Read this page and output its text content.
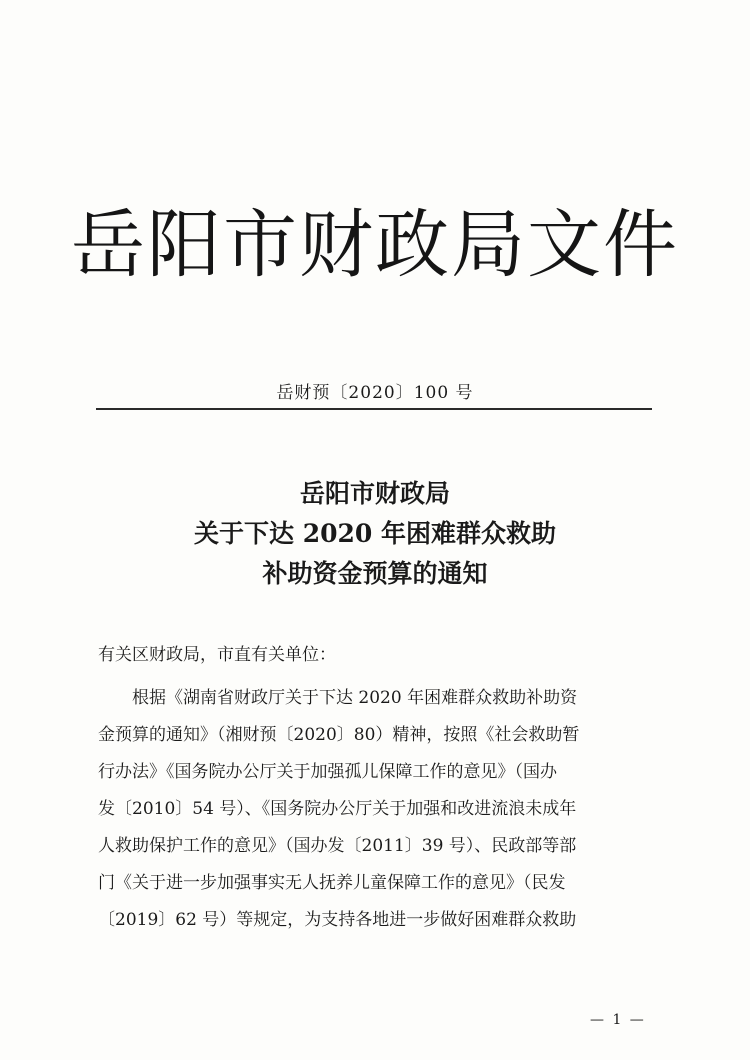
岳阳市财政局文件
岳财预〔2020〕100 号
岳阳市财政局
关于下达 2020 年困难群众救助
补助资金预算的通知
有关区财政局，市直有关单位：
　　根据《湖南省财政厅关于下达 2020 年困难群众救助补助资
金预算的通知》（湘财预〔2020〕80）精神，按照《社会救助暂
行办法》《国务院办公厅关于加强孤儿保障工作的意见》（国办
发〔2010〕54 号）、《国务院办公厅关于加强和改进流浪未成年
人救助保护工作的意见》（国办发〔2011〕39 号）、民政部等部
门《关于进一步加强事实无人抚养儿童保障工作的意见》（民发
〔2019〕62 号）等规定，为支持各地进一步做好困难群众救助
— 1 —
